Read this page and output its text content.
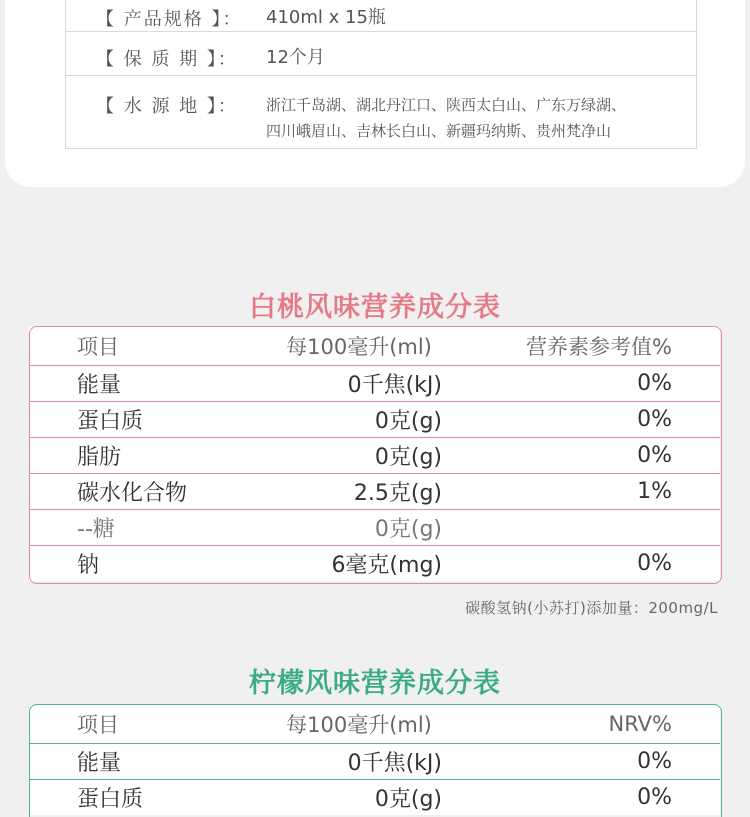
【 产品规格 】：	410ml x 15瓶

【 保 质 期 】：	12个月

【 水 源 地 】：	浙江千岛湖、湖北丹江口、陕西太白山、广东万绿湖、
四川峨眉山、吉林长白山、新疆玛纳斯、贵州梵净山
白桃风味营养成分表
项目	每100毫升(ml)	营养素参考值%
能量	0千焦(kJ)	0%
蛋白质	0克(g)	0%
脂肪	0克(g)	0%
碳水化合物	2.5克(g)	1%
--糖	0克(g)	
钠	6毫克(mg)	0%
碳酸氢钠(小苏打)添加量：200mg/L
柠檬风味营养成分表
项目	每100毫升(ml)	NRV%
能量	0千焦(kJ)	0%
蛋白质	0克(g)	0%
